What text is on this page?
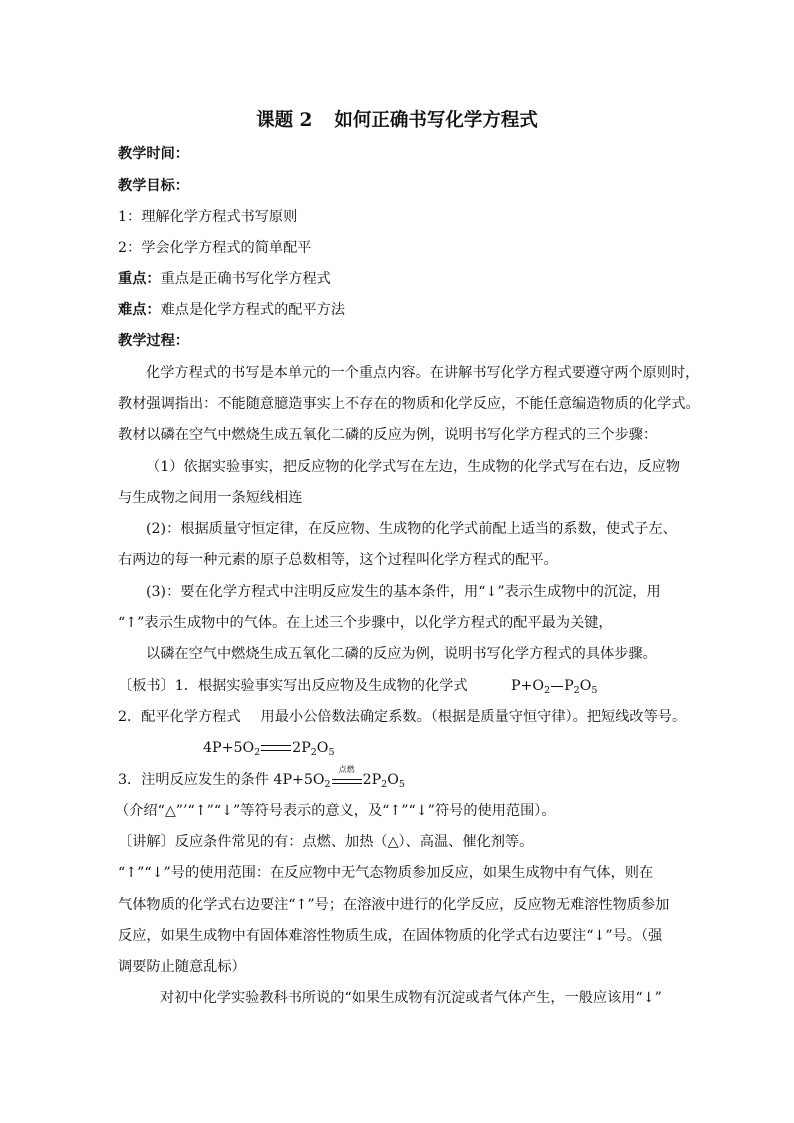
课题 2 如何正确书写化学方程式
教学时间：
教学目标：
1：理解化学方程式书写原则
2：学会化学方程式的简单配平
重点：重点是正确书写化学方程式
难点：难点是化学方程式的配平方法
教学过程：
化学方程式的书写是本单元的一个重点内容。在讲解书写化学方程式要遵守两个原则时，
教材强调指出：不能随意臆造事实上不存在的物质和化学反应，不能任意编造物质的化学式。
教材以磷在空气中燃烧生成五氧化二磷的反应为例，说明书写化学方程式的三个步骤：
（1）依据实验事实，把反应物的化学式写在左边，生成物的化学式写在右边，反应物
与生成物之间用一条短线相连
(2)：根据质量守恒定律，在反应物、生成物的化学式前配上适当的系数，使式子左、
右两边的每一种元素的原子总数相等，这个过程叫化学方程式的配平。
(3)：要在化学方程式中注明反应发生的基本条件，用“↓”表示生成物中的沉淀，用
“↑”表示生成物中的气体。在上述三个步骤中，以化学方程式的配平最为关键，
以磷在空气中燃烧生成五氧化二磷的反应为例，说明书写化学方程式的具体步骤。
〔板书〕1．根据实验事实写出反应物及生成物的化学式	$P+O_2$ $P_2O_5$
2．配平化学方程式 用最小公倍数法确定系数。（根据是质量守恒守律）。把短线改等号。
$4P+5O_2$ $2P_2O_5$
3．注明反应发生的条件 $4P+5O_2$
点燃
$2P_2O_5$
（介绍“△”’“↑”“↓”等符号表示的意义，及“↑”“↓”符号的使用范围）。
〔讲解〕反应条件常见的有：点燃、加热（△）、高温、催化剂等。
“↑”“↓”号的使用范围：在反应物中无气态物质参加反应，如果生成物中有气体，则在
气体物质的化学式右边要注“↑”号；在溶液中进行的化学反应，反应物无难溶性物质参加
反应，如果生成物中有固体难溶性物质生成，在固体物质的化学式右边要注“↓”号。（强
调要防止随意乱标）
对初中化学实验教科书所说的“如果生成物有沉淀或者气体产生，一般应该用“↓”
